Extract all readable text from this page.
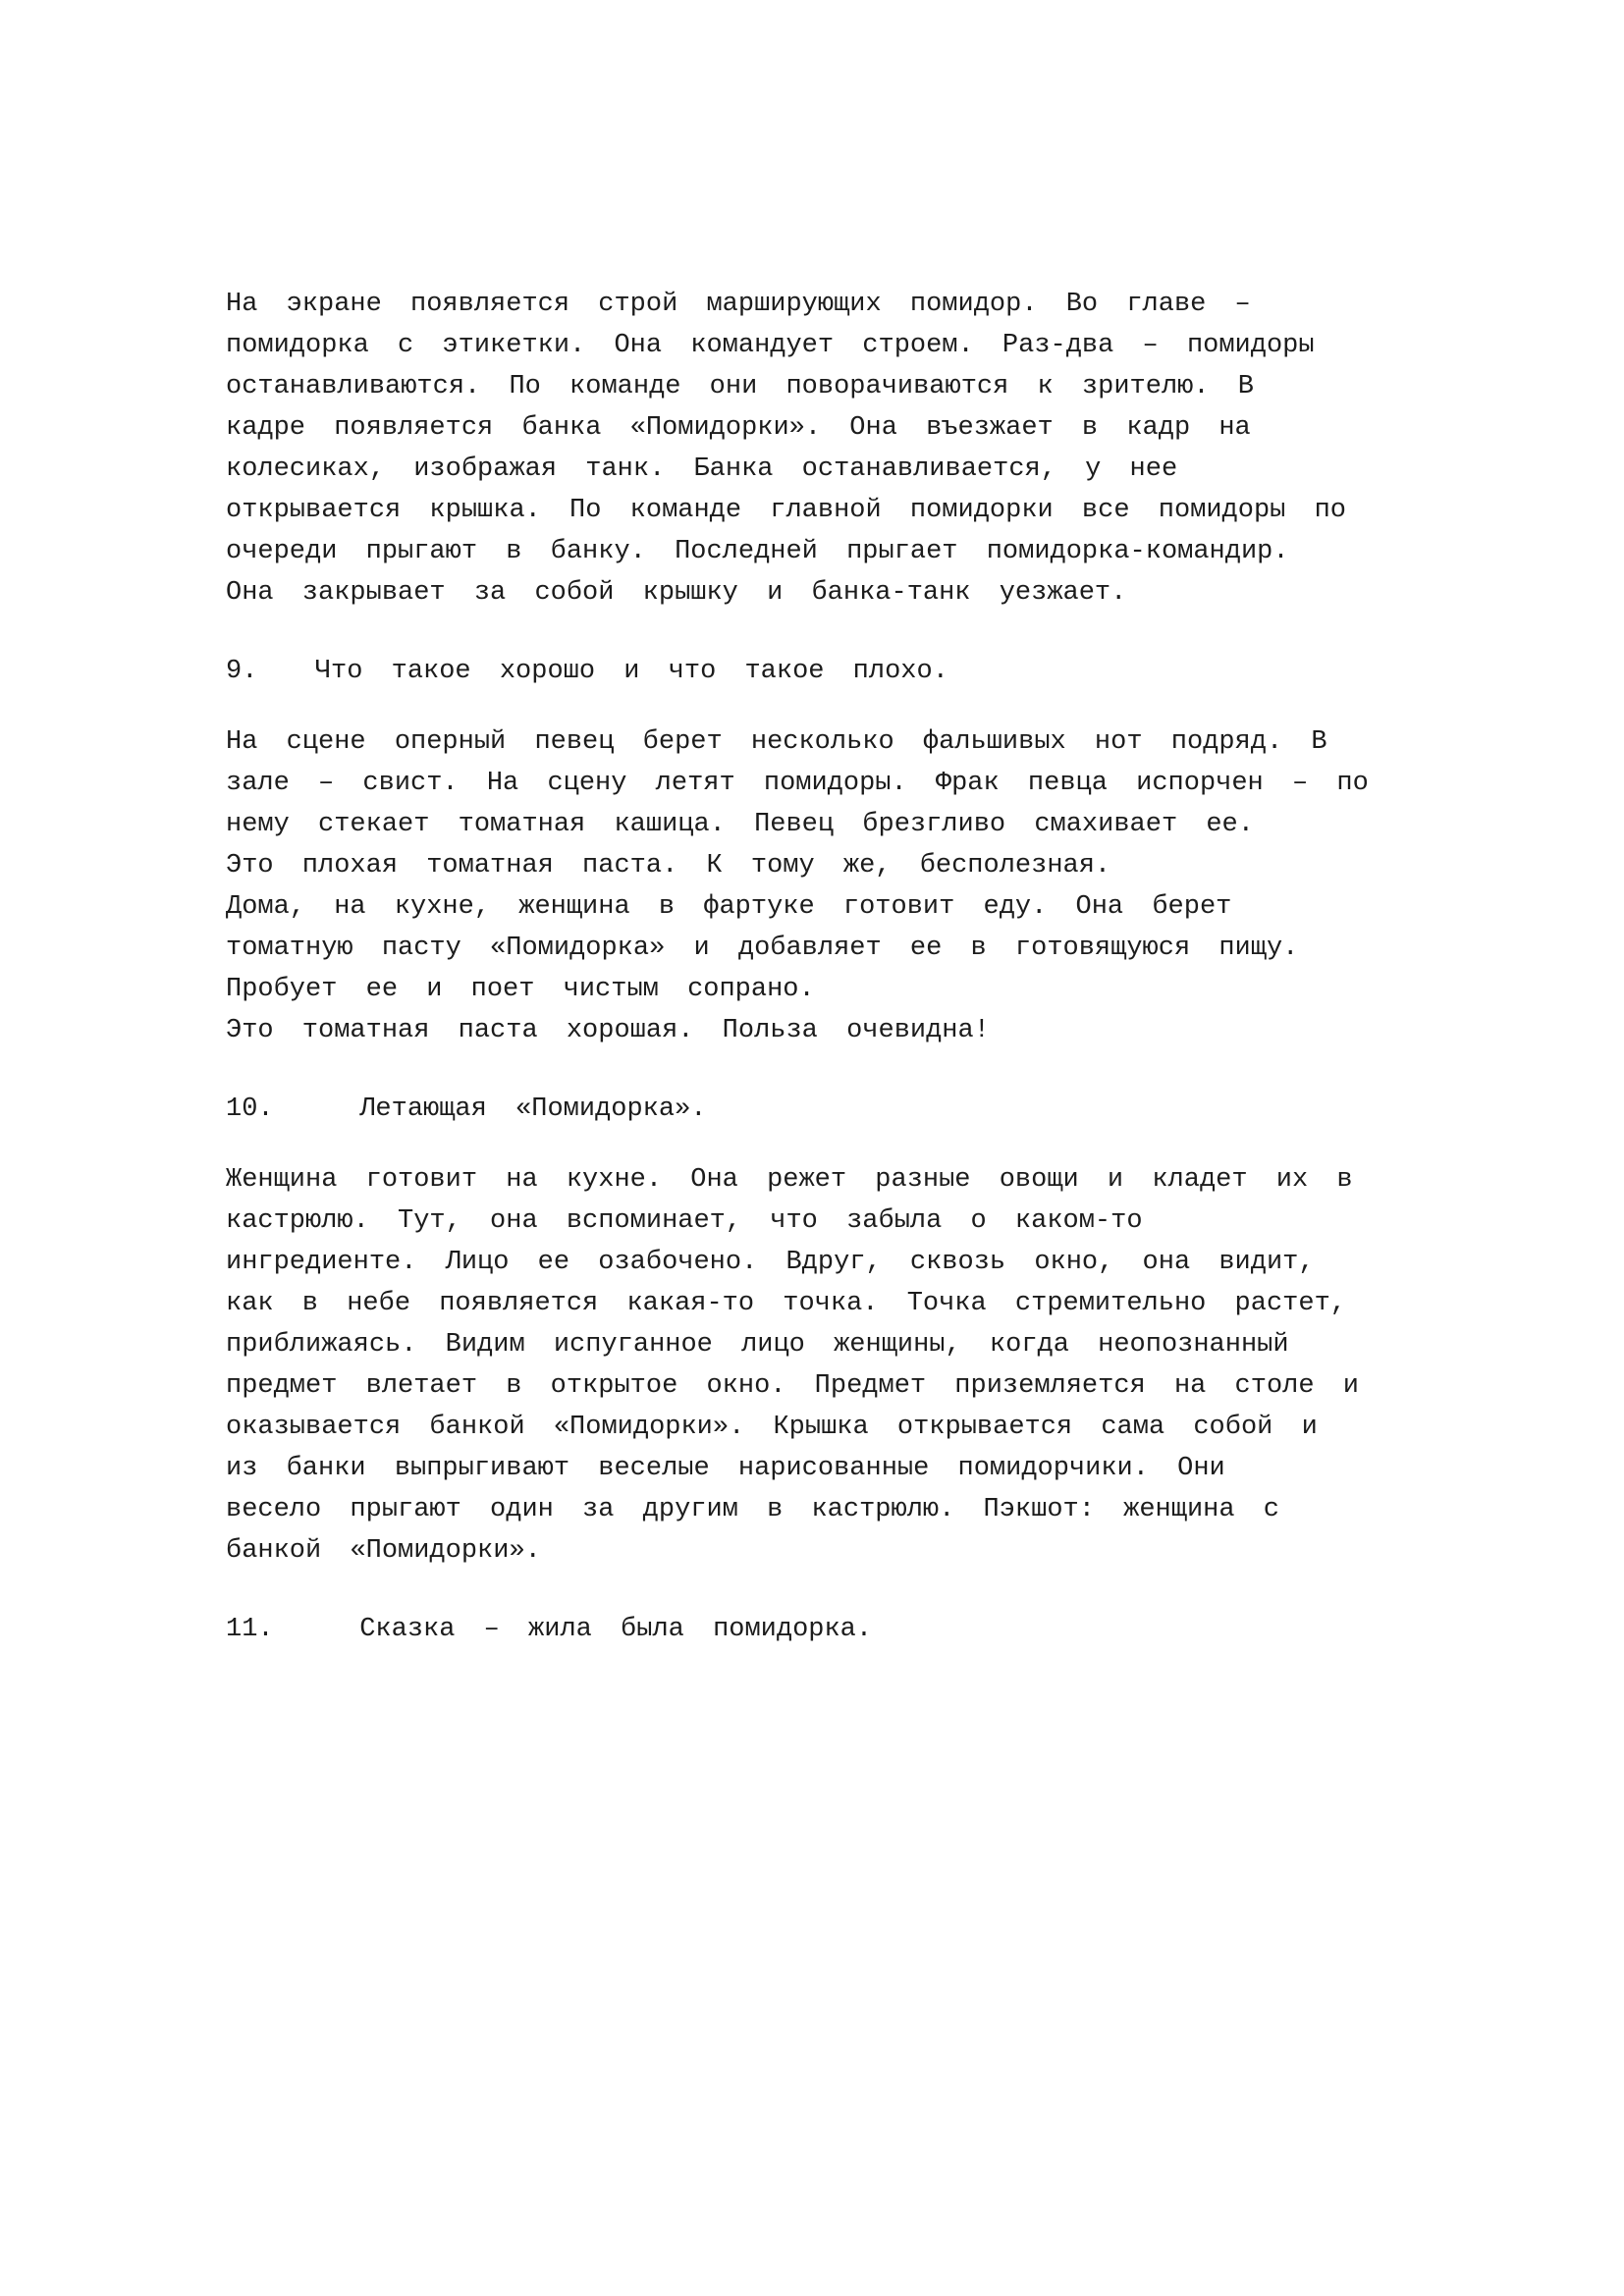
На экране появляется строй марширующих помидор. Во главе –
помидорка с этикетки. Она командует строем. Раз-два – помидоры
останавливаются. По команде они поворачиваются к зрителю. В
кадре появляется банка «Помидорки». Она въезжает в кадр на
колесиках, изображая танк. Банка останавливается, у нее
открывается крышка. По команде главной помидорки все помидоры по
очереди прыгают в банку. Последней прыгает помидорка-командир.
Она закрывает за собой крышку и банка-танк уезжает.
9.  Что такое хорошо и что такое плохо.
На сцене оперный певец берет несколько фальшивых нот подряд. В
зале – свист. На сцену летят помидоры. Фрак певца испорчен – по
нему стекает томатная кашица. Певец брезгливо смахивает ее.
Это плохая томатная паста. К тому же, бесполезная.
Дома, на кухне, женщина в фартуке готовит еду. Она берет
томатную пасту «Помидорка» и добавляет ее в готовящуюся пищу.
Пробует ее и поет чистым сопрано.
Это томатная паста хорошая. Польза очевидна!
10.   Летающая «Помидорка».
Женщина готовит на кухне. Она режет разные овощи и кладет их в
кастрюлю. Тут, она вспоминает, что забыла о каком-то
ингредиенте. Лицо ее озабочено. Вдруг, сквозь окно, она видит,
как в небе появляется какая-то точка. Точка стремительно растет,
приближаясь. Видим испуганное лицо женщины, когда неопознанный
предмет влетает в открытое окно. Предмет приземляется на столе и
оказывается банкой «Помидорки». Крышка открывается сама собой и
из банки выпрыгивают веселые нарисованные помидорчики. Они
весело прыгают один за другим в кастрюлю. Пэкшот: женщина с
банкой «Помидорки».
11.   Сказка – жила была помидорка.
